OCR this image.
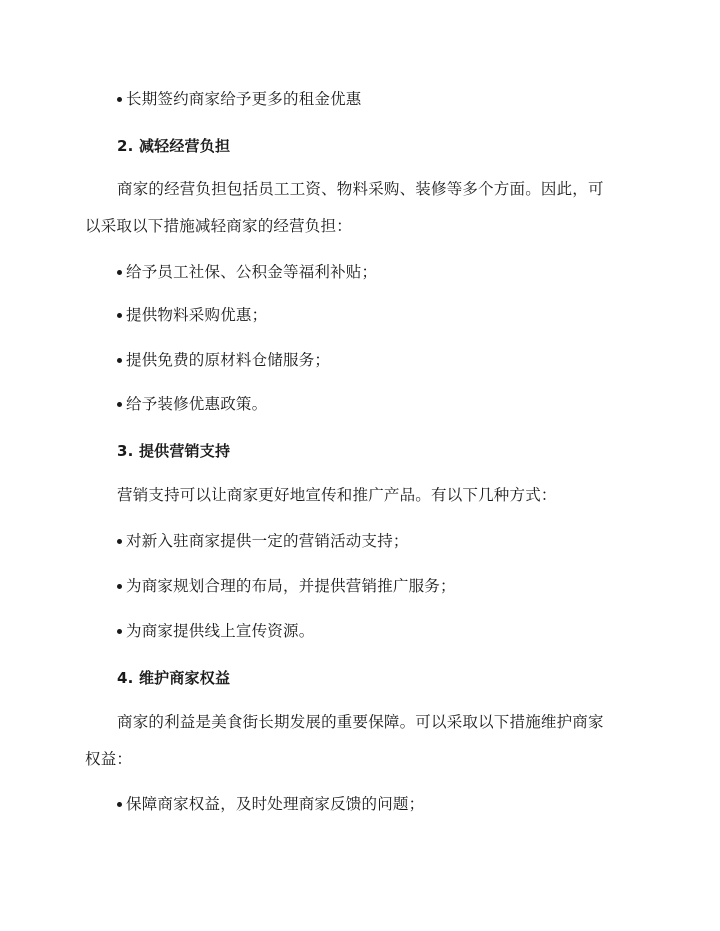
长期签约商家给予更多的租金优惠
2. 减轻经营负担
商家的经营负担包括员工工资、物料采购、装修等多个方面。因此，可
以采取以下措施减轻商家的经营负担：
给予员工社保、公积金等福利补贴；
提供物料采购优惠；
提供免费的原材料仓储服务；
给予装修优惠政策。
3. 提供营销支持
营销支持可以让商家更好地宣传和推广产品。有以下几种方式：
对新入驻商家提供一定的营销活动支持；
为商家规划合理的布局，并提供营销推广服务；
为商家提供线上宣传资源。
4. 维护商家权益
商家的利益是美食街长期发展的重要保障。可以采取以下措施维护商家
权益：
保障商家权益，及时处理商家反馈的问题；
